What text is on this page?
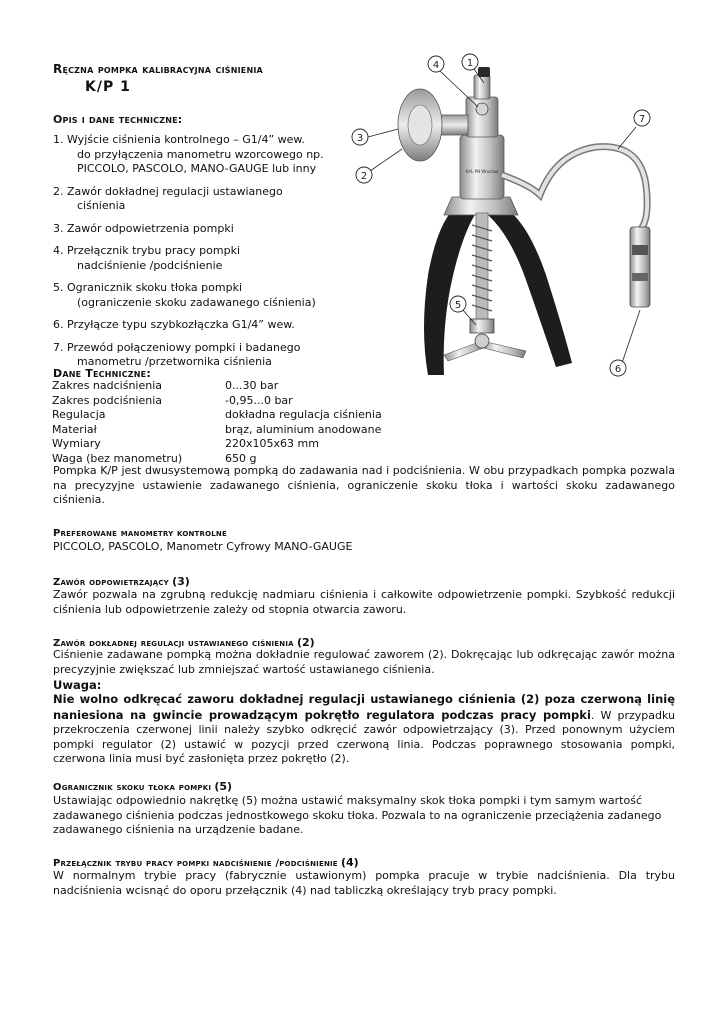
Ręczna pompka kalibracyjna ciśnienia
K/P 1
Opis i dane techniczne:
1. Wyjście ciśnienia kontrolnego – G1/4” wew.
do przyłączenia manometru wzorcowego np.
PICCOLO, PASCOLO, MANO-GAUGE lub inny
2. Zawór dokładnej regulacji ustawianego
ciśnienia
3. Zawór odpowietrzenia pompki
4. Przełącznik trybu pracy pompki
nadciśnienie /podciśnienie
5. Ogranicznik skoku tłoka pompki
(ograniczenie skoku zadawanego ciśnienia)
6. Przyłącze typu szybkozłączka G1/4” wew.
7. Przewód połączeniowy pompki i badanego
manometru /przetwornika ciśnienia
KAL-PN Wrocław
1
4
3
2
5
7
6
Dane Techniczne:
Zakres nadciśnienia	0...30 bar
Zakres podciśnienia	-0,95...0 bar
Regulacja	dokładna regulacja ciśnienia
Materiał	brąz, aluminium anodowane
Wymiary	220x105x63 mm
Waga (bez manometru)	650 g
Pompka K/P jest dwusystemową pompką do zadawania nad i podciśnienia. W obu przypadkach pompka pozwala na precyzyjne ustawienie zadawanego ciśnienia, ograniczenie skoku tłoka i wartości skoku zadawanego ciśnienia.
Preferowane manometry kontrolne
PICCOLO, PASCOLO, Manometr Cyfrowy MANO-GAUGE
Zawór odpowietrzający (3)
Zawór pozwala na zgrubną redukcję nadmiaru ciśnienia i całkowite odpowietrzenie pompki. Szybkość redukcji ciśnienia lub odpowietrzenie zależy od stopnia otwarcia zaworu.
Zawór dokładnej regulacji ustawianego ciśnienia (2)
Ciśnienie zadawane pompką można dokładnie regulować zaworem (2). Dokręcając lub odkręcając zawór można precyzyjnie zwiększać lub zmniejszać wartość ustawianego ciśnienia.
Uwaga:
Nie wolno odkręcać zaworu dokładnej regulacji ustawianego ciśnienia (2) poza czerwoną linię naniesiona na gwincie prowadzącym pokrętło regulatora podczas pracy pompki. W przypadku przekroczenia czerwonej linii należy szybko odkręcić zawór odpowietrzający (3). Przed ponownym użyciem pompki regulator (2) ustawić w pozycji przed czerwoną linia. Podczas poprawnego stosowania pompki, czerwona linia musi być zasłonięta przez pokrętło (2).
Ogranicznik skoku tłoka pompki (5)
Ustawiając odpowiednio nakrętkę (5) można ustawić maksymalny skok tłoka pompki i tym samym wartość
zadawanego ciśnienia podczas jednostkowego skoku tłoka. Pozwala to na ograniczenie przeciążenia zadanego
zadawanego ciśnienia na urządzenie badane.
Przełącznik trybu pracy pompki nadciśnienie /podciśnienie (4)
W normalnym trybie pracy (fabrycznie ustawionym) pompka pracuje w trybie nadciśnienia. Dla trybu nadciśnienia wcisnąć do oporu przełącznik (4) nad tabliczką określający tryb pracy pompki.
